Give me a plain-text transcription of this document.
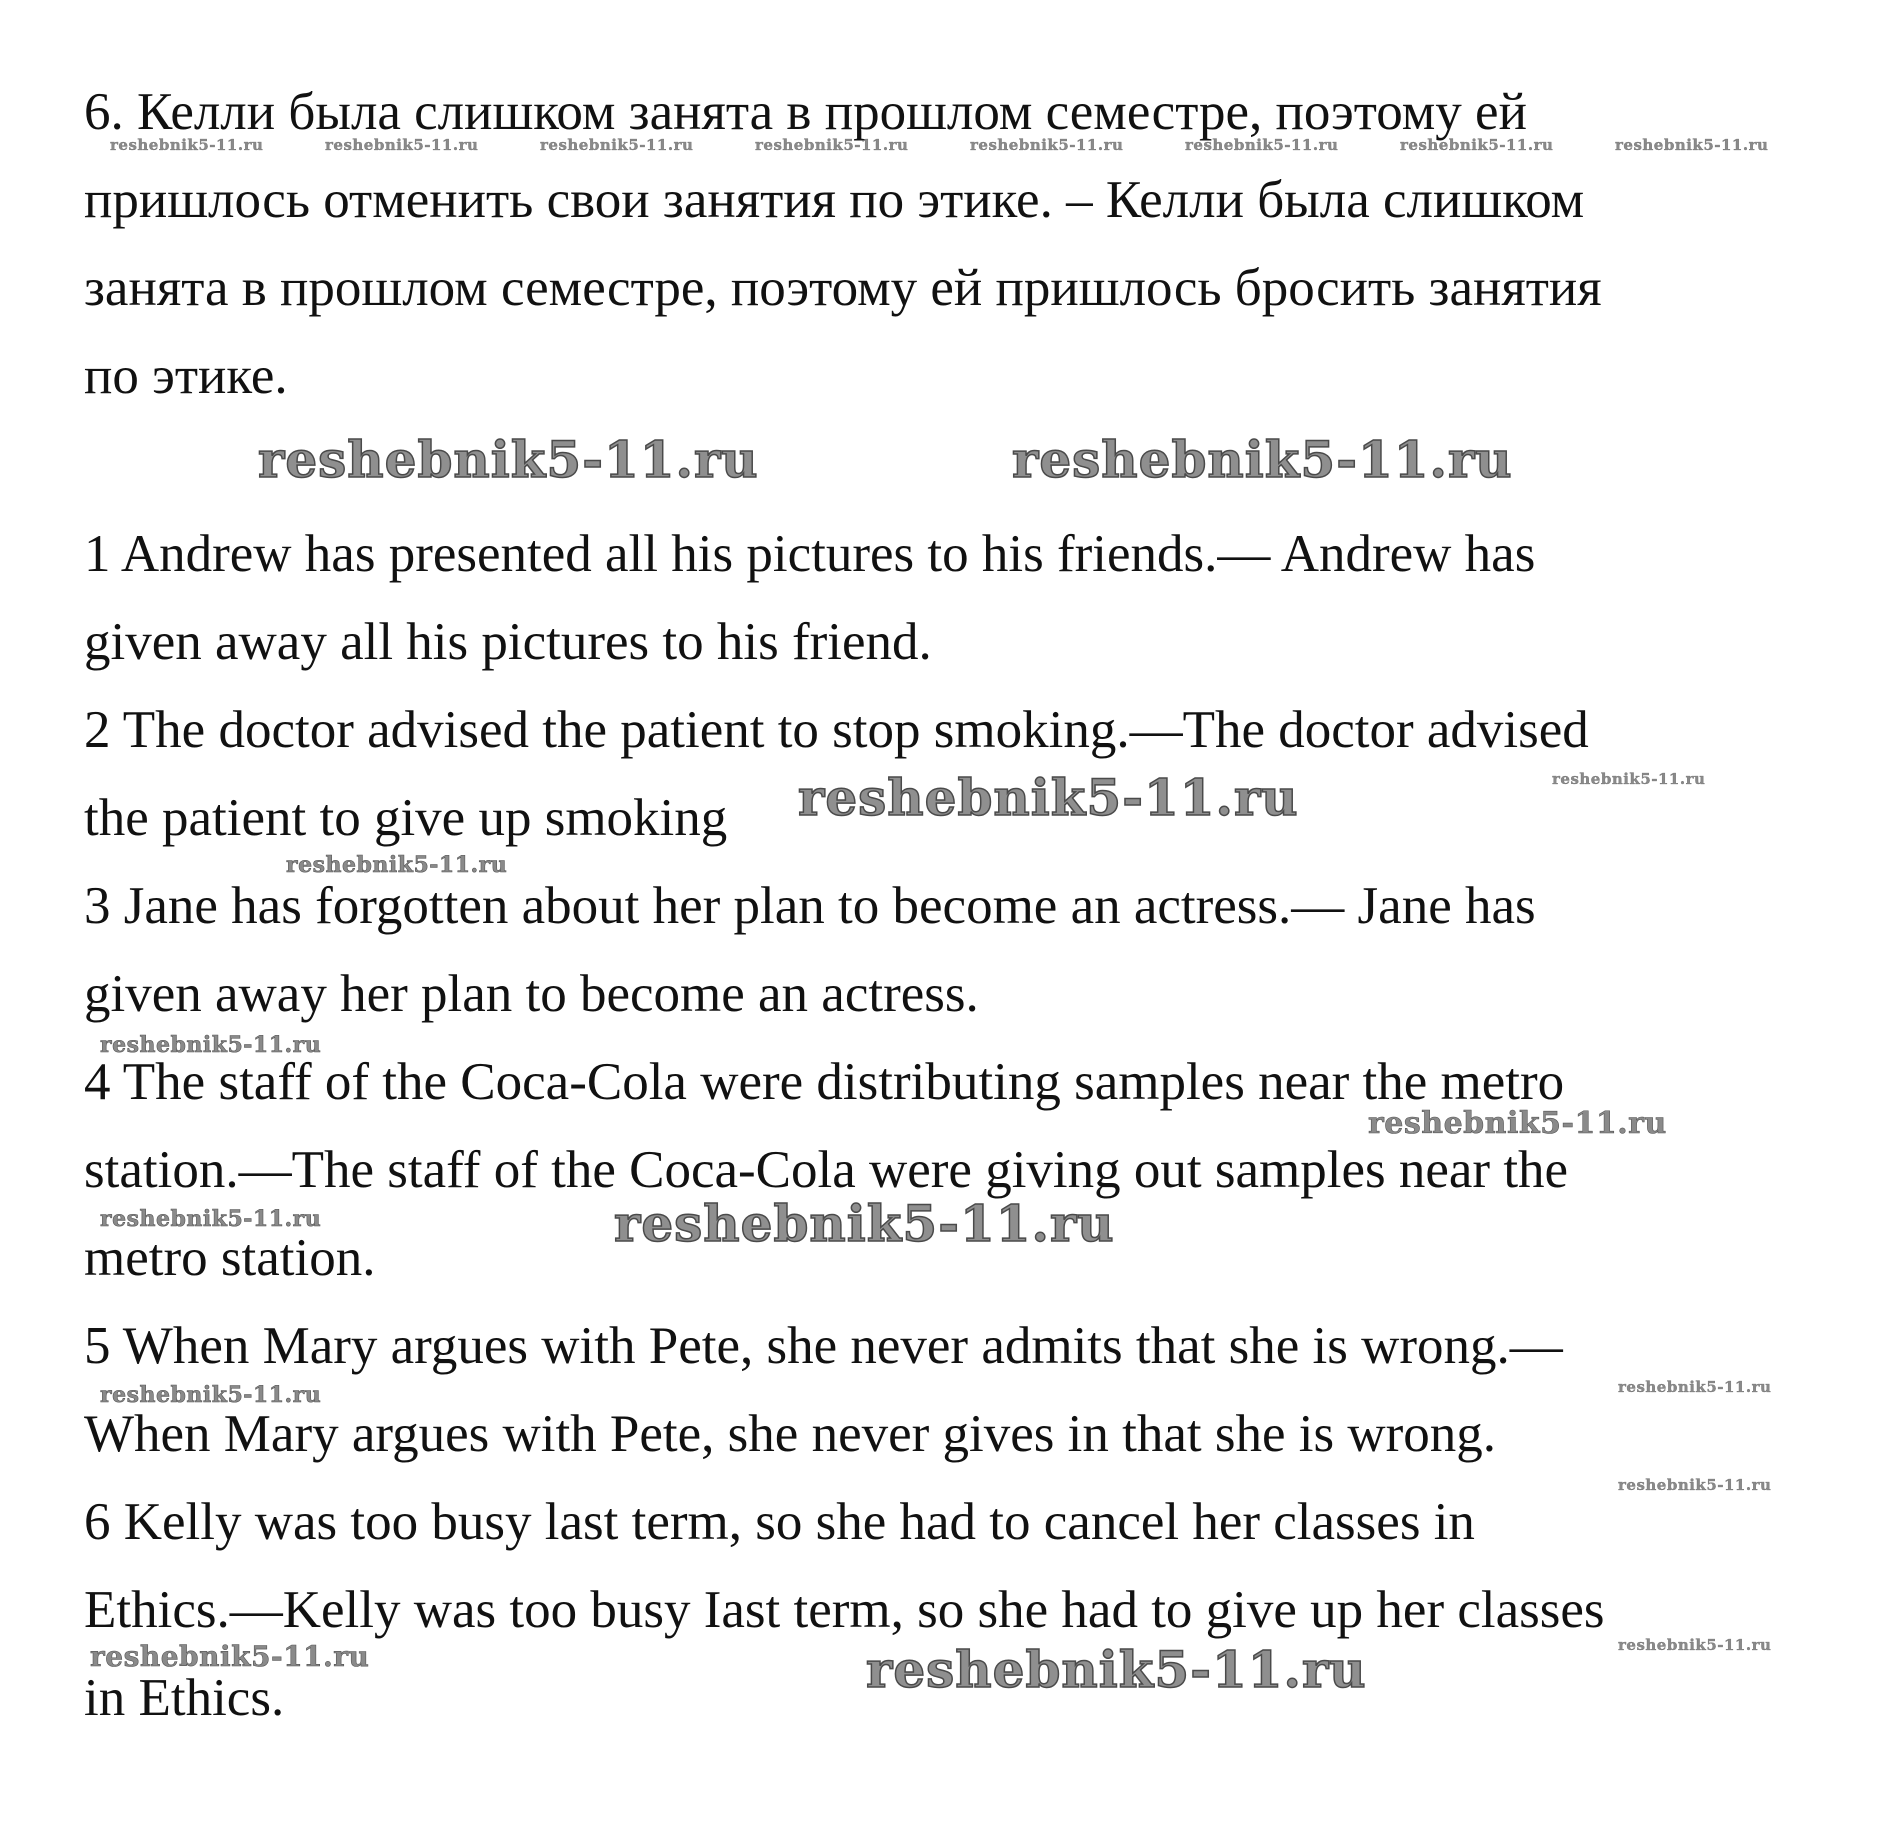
6. Келли была слишком занята в прошлом семестре, поэтому ей
пришлось отменить свои занятия по этике. – Келли была слишком
занята в прошлом семестре, поэтому ей пришлось бросить занятия
по этике.
reshebnik5-11.ru	reshebnik5-11.ru	reshebnik5-11.ru	reshebnik5-11.ru	reshebnik5-11.ru	reshebnik5-11.ru	reshebnik5-11.ru	reshebnik5-11.ru
reshebnik5-11.ru	reshebnik5-11.ru
1 Andrew has presented all his pictures to his friends.— Andrew has
given away all his pictures to his friend.
2 The doctor advised the patient to stop smoking.—The doctor advised
the patient to give up smoking
3 Jane has forgotten about her plan to become an actress.— Jane has
given away her plan to become an actress.
4 The staff of the Coca-Cola were distributing samples near the metro
station.—The staff of the Coca-Cola were giving out samples near the
metro station.
5 When Mary argues with Pete, she never admits that she is wrong.—
When Mary argues with Pete, she never gives in that she is wrong.
6 Kelly was too busy last term, so she had to cancel her classes in
Ethics.—Kelly was too busy Iast term, so she had to give up her classes
in Ethics.
reshebnik5-11.ru	reshebnik5-11.ru
reshebnik5-11.ru
reshebnik5-11.ru
reshebnik5-11.ru
reshebnik5-11.ru	reshebnik5-11.ru
reshebnik5-11.ru	reshebnik5-11.ru
reshebnik5-11.ru
reshebnik5-11.ru	reshebnik5-11.ru
reshebnik5-11.ru
